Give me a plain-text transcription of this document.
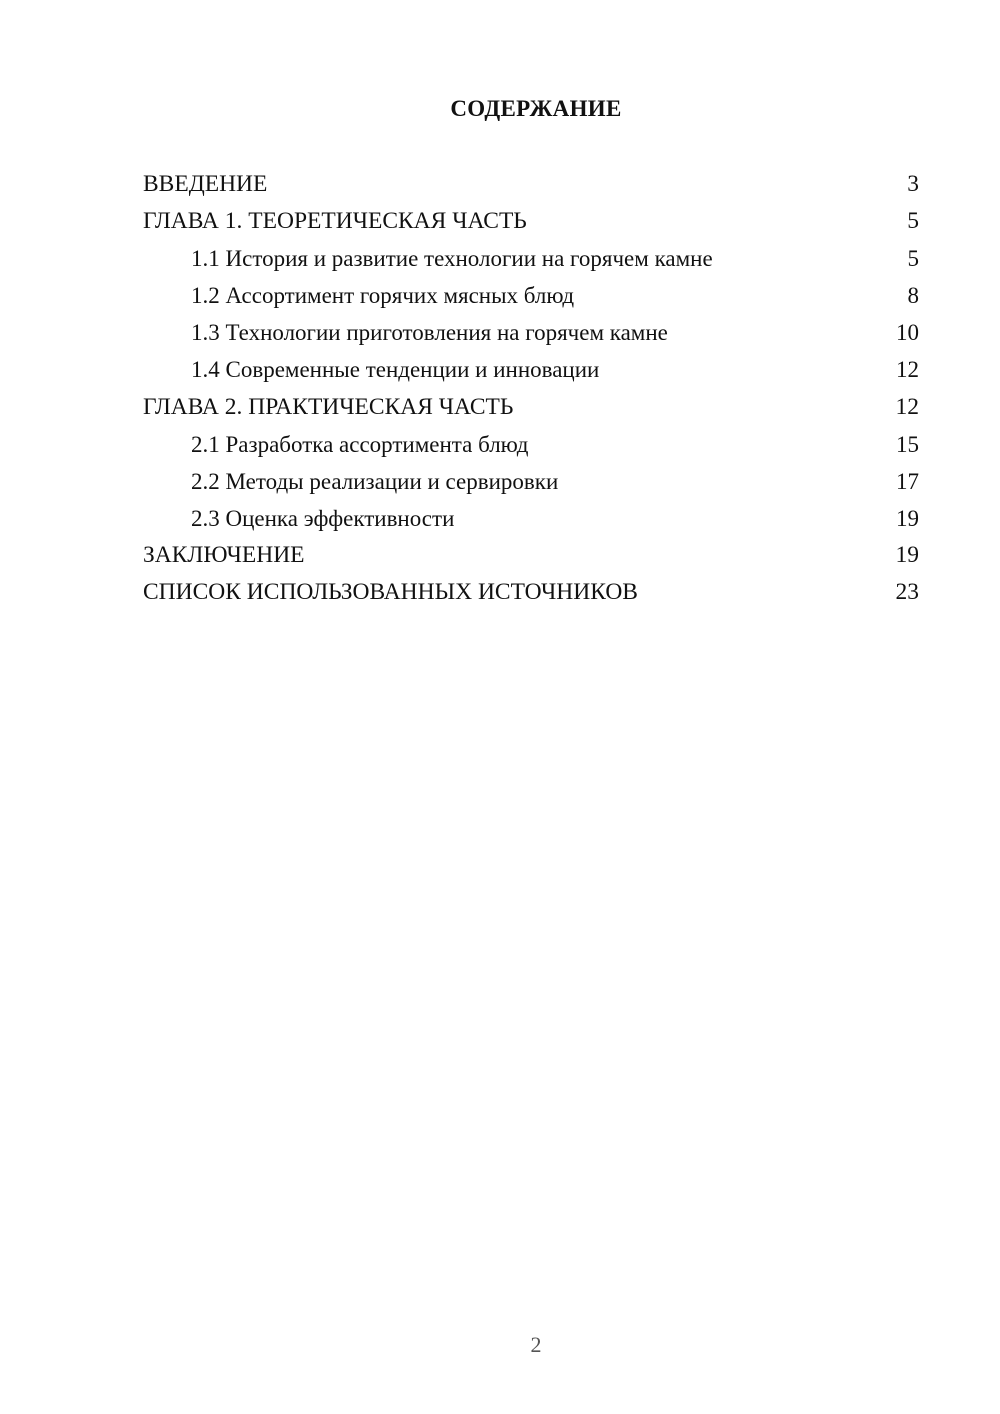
СОДЕРЖАНИЕ
ВВЕДЕНИЕ	3
ГЛАВА 1. ТЕОРЕТИЧЕСКАЯ ЧАСТЬ	5
1.1 История и развитие технологии на горячем камне	5
1.2 Ассортимент горячих мясных блюд	8
1.3 Технологии приготовления на горячем камне	10
1.4 Современные тенденции и инновации	12
ГЛАВА 2. ПРАКТИЧЕСКАЯ ЧАСТЬ	12
2.1 Разработка ассортимента блюд	15
2.2 Методы реализации и сервировки	17
2.3 Оценка эффективности	19
ЗАКЛЮЧЕНИЕ	19
СПИСОК ИСПОЛЬЗОВАННЫХ ИСТОЧНИКОВ	23
2
